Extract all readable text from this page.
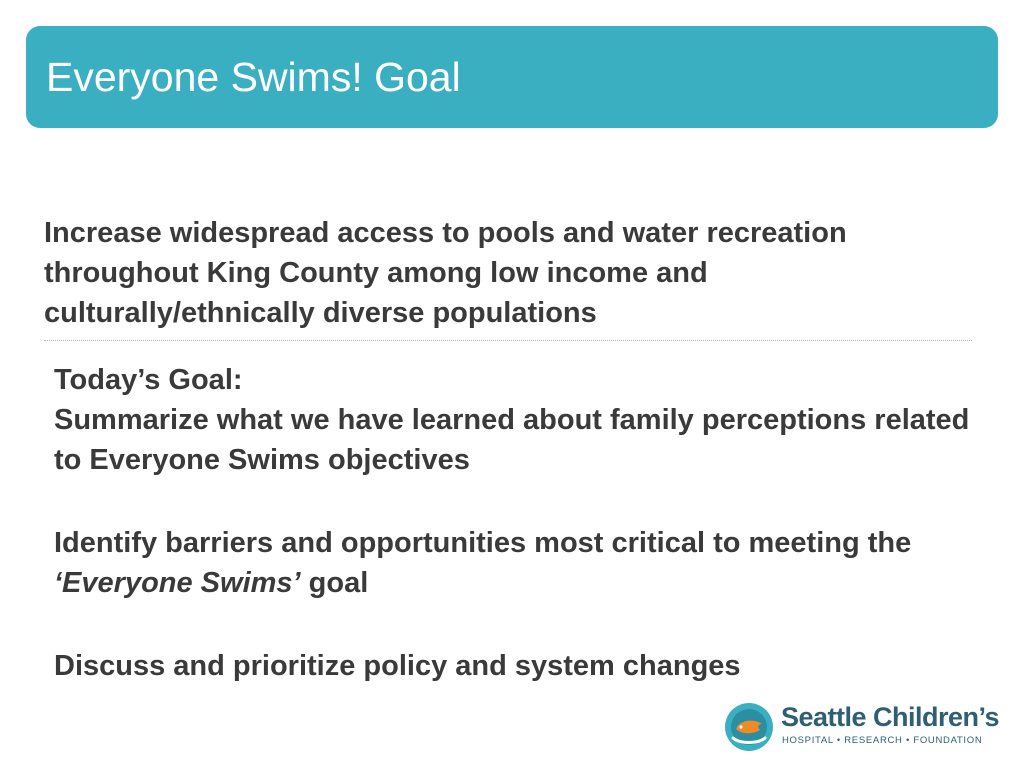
Everyone Swims! Goal
Increase widespread access to pools and water recreation throughout King County among low income and culturally/ethnically diverse populations

Today’s Goal:

Summarize what we have learned about family perceptions related to Everyone Swims objectives

Identify barriers and opportunities most critical to meeting the ‘Everyone Swims’ goal

Discuss and prioritize policy and system changes

Seattle Children’s
HOSPITAL • RESEARCH • FOUNDATION
